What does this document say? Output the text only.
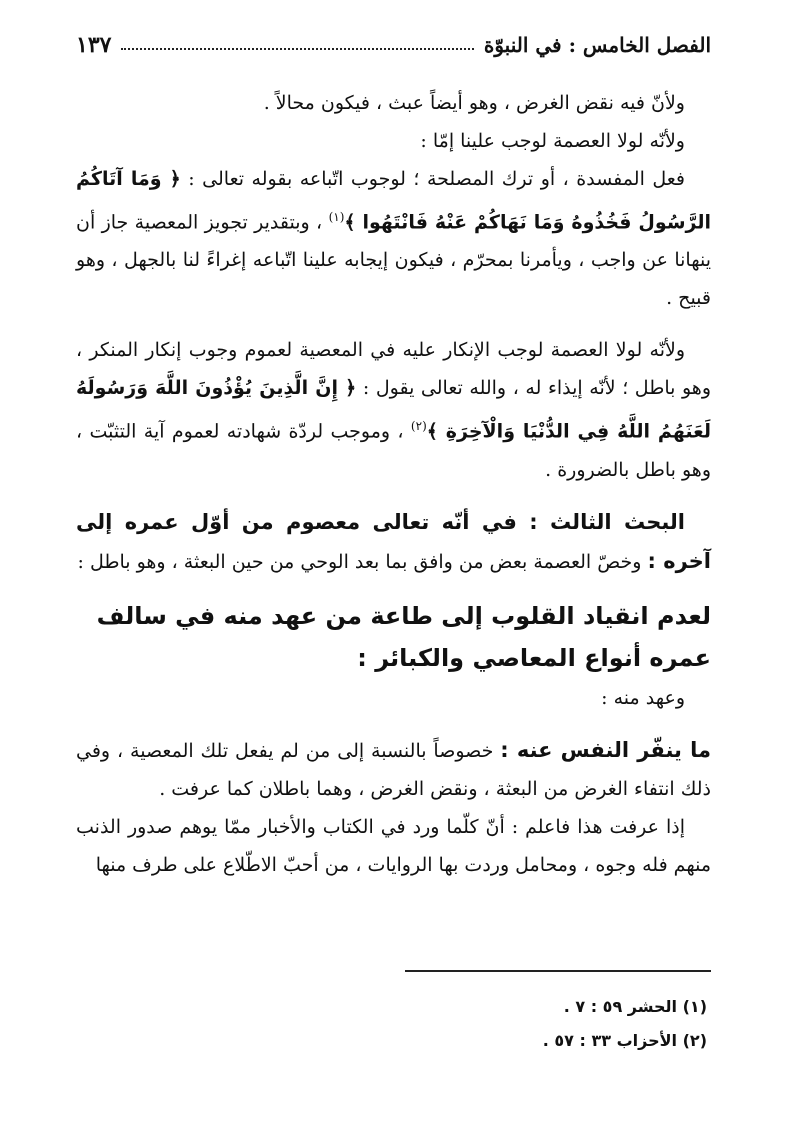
الفصل الخامس : في النبوّة
١٣٧

ولأنّ فيه نقض الغرض ، وهو أيضاً عبث ، فيكون محالاً .

ولأنّه لولا العصمة لوجب علينا إمّا :

فعل المفسدة ، أو ترك المصلحة ؛ لوجوب اتّباعه بقوله تعالى : ﴿ وَمَا آتَاكُمُ الرَّسُولُ فَخُذُوهُ وَمَا نَهَاكُمْ عَنْهُ فَانْتَهُوا ﴾$^{(١)}$ ، وبتقدير تجويز المعصية جاز أن ينهانا عن واجب ، ويأمرنا بمحرّم ، فيكون إيجابه علينا اتّباعه إغراءً لنا بالجهل ، وهو قبيح .

ولأنّه لولا العصمة لوجب الإنكار عليه في المعصية لعموم وجوب إنكار المنكر ، وهو باطل ؛ لأنّه إيذاء له ، والله تعالى يقول : ﴿ إِنَّ الَّذِينَ يُؤْذُونَ اللَّهَ وَرَسُولَهُ لَعَنَهُمُ اللَّهُ فِي الدُّنْيَا وَالْآخِرَةِ ﴾$^{(٢)}$ ، وموجب لردّة شهادته لعموم آية التثبّت ، وهو باطل بالضرورة .

البحث الثالث : في أنّه تعالى معصوم من أوّل عمره إلى آخره : وخصّ العصمة بعض من وافق بما بعد الوحي من حين البعثة ، وهو باطل :

لعدم انقياد القلوب إلى طاعة من عهد منه في سالف عمره أنواع المعاصي والكبائر :

وعهد منه :

ما ينفّر النفس عنه : خصوصاً بالنسبة إلى من لم يفعل تلك المعصية ، وفي ذلك انتفاء الغرض من البعثة ، ونقض الغرض ، وهما باطلان كما عرفت .

إذا عرفت هذا فاعلم : أنّ كلّما ورد في الكتاب والأخبار ممّا يوهم صدور الذنب منهم فله وجوه ، ومحامل وردت بها الروايات ، من أحبّ الاطّلاع على طرف منها

(١) الحشر ٥٩ : ٧ .
(٢) الأحزاب ٣٣ : ٥٧ .
